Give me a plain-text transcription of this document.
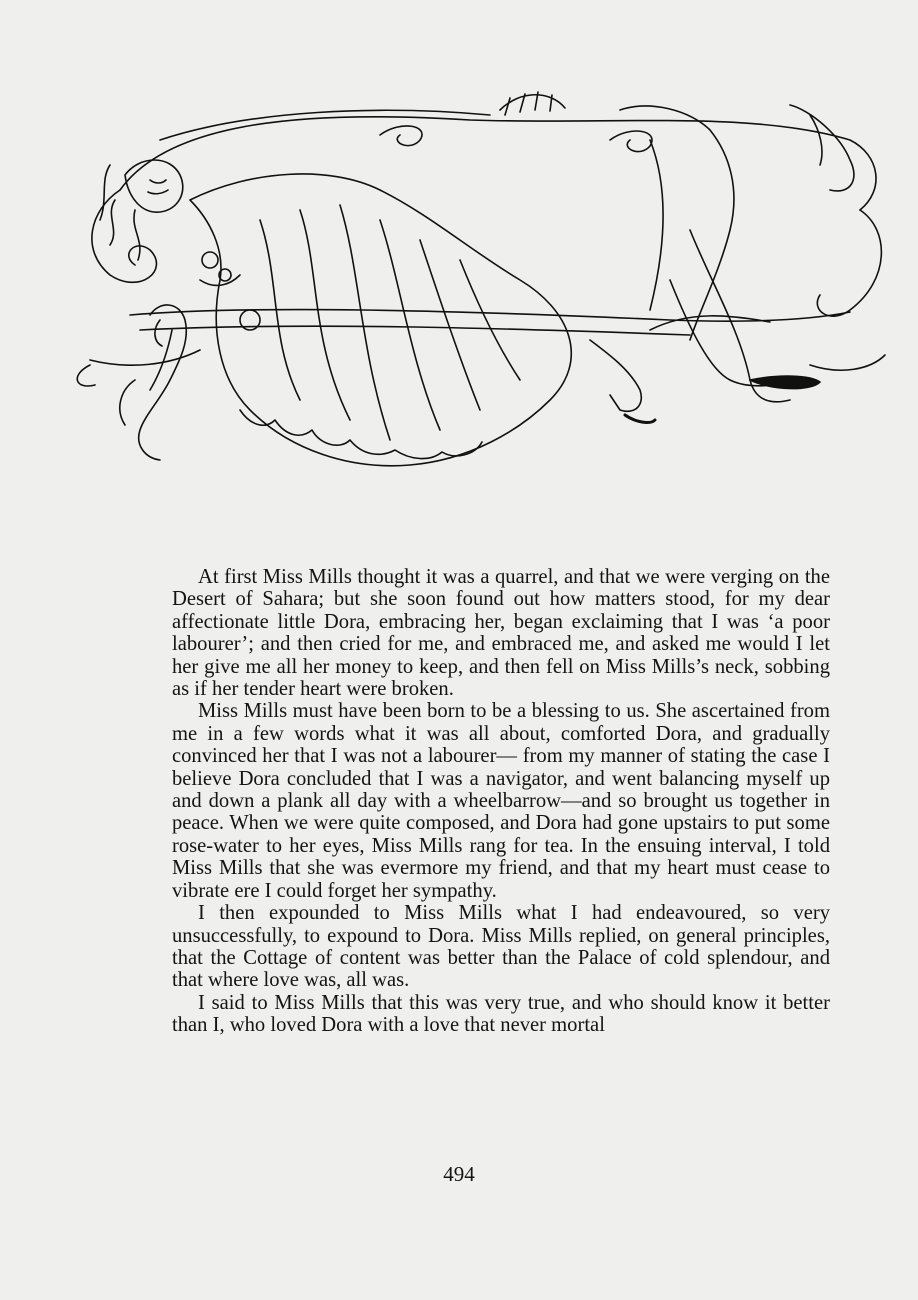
At first Miss Mills thought it was a quarrel, and that we were verging on the Desert of Sahara; but she soon found out how matters stood, for my dear affectionate little Dora, embracing her, began exclaiming that I was ‘a poor labourer’; and then cried for me, and embraced me, and asked me would I let her give me all her money to keep, and then fell on Miss Mills’s neck, sobbing as if her tender heart were broken.

Miss Mills must have been born to be a blessing to us. She ascertained from me in a few words what it was all about, comforted Dora, and gradually convinced her that I was not a labourer— from my manner of stating the case I believe Dora concluded that I was a navigator, and went balancing myself up and down a plank all day with a wheelbarrow—and so brought us together in peace. When we were quite composed, and Dora had gone upstairs to put some rose-water to her eyes, Miss Mills rang for tea. In the ensuing interval, I told Miss Mills that she was evermore my friend, and that my heart must cease to vibrate ere I could forget her sympathy.

I then expounded to Miss Mills what I had endeavoured, so very unsuccessfully, to expound to Dora. Miss Mills replied, on general principles, that the Cottage of content was better than the Palace of cold splendour, and that where love was, all was.

I said to Miss Mills that this was very true, and who should know it better than I, who loved Dora with a love that never mortal

494
